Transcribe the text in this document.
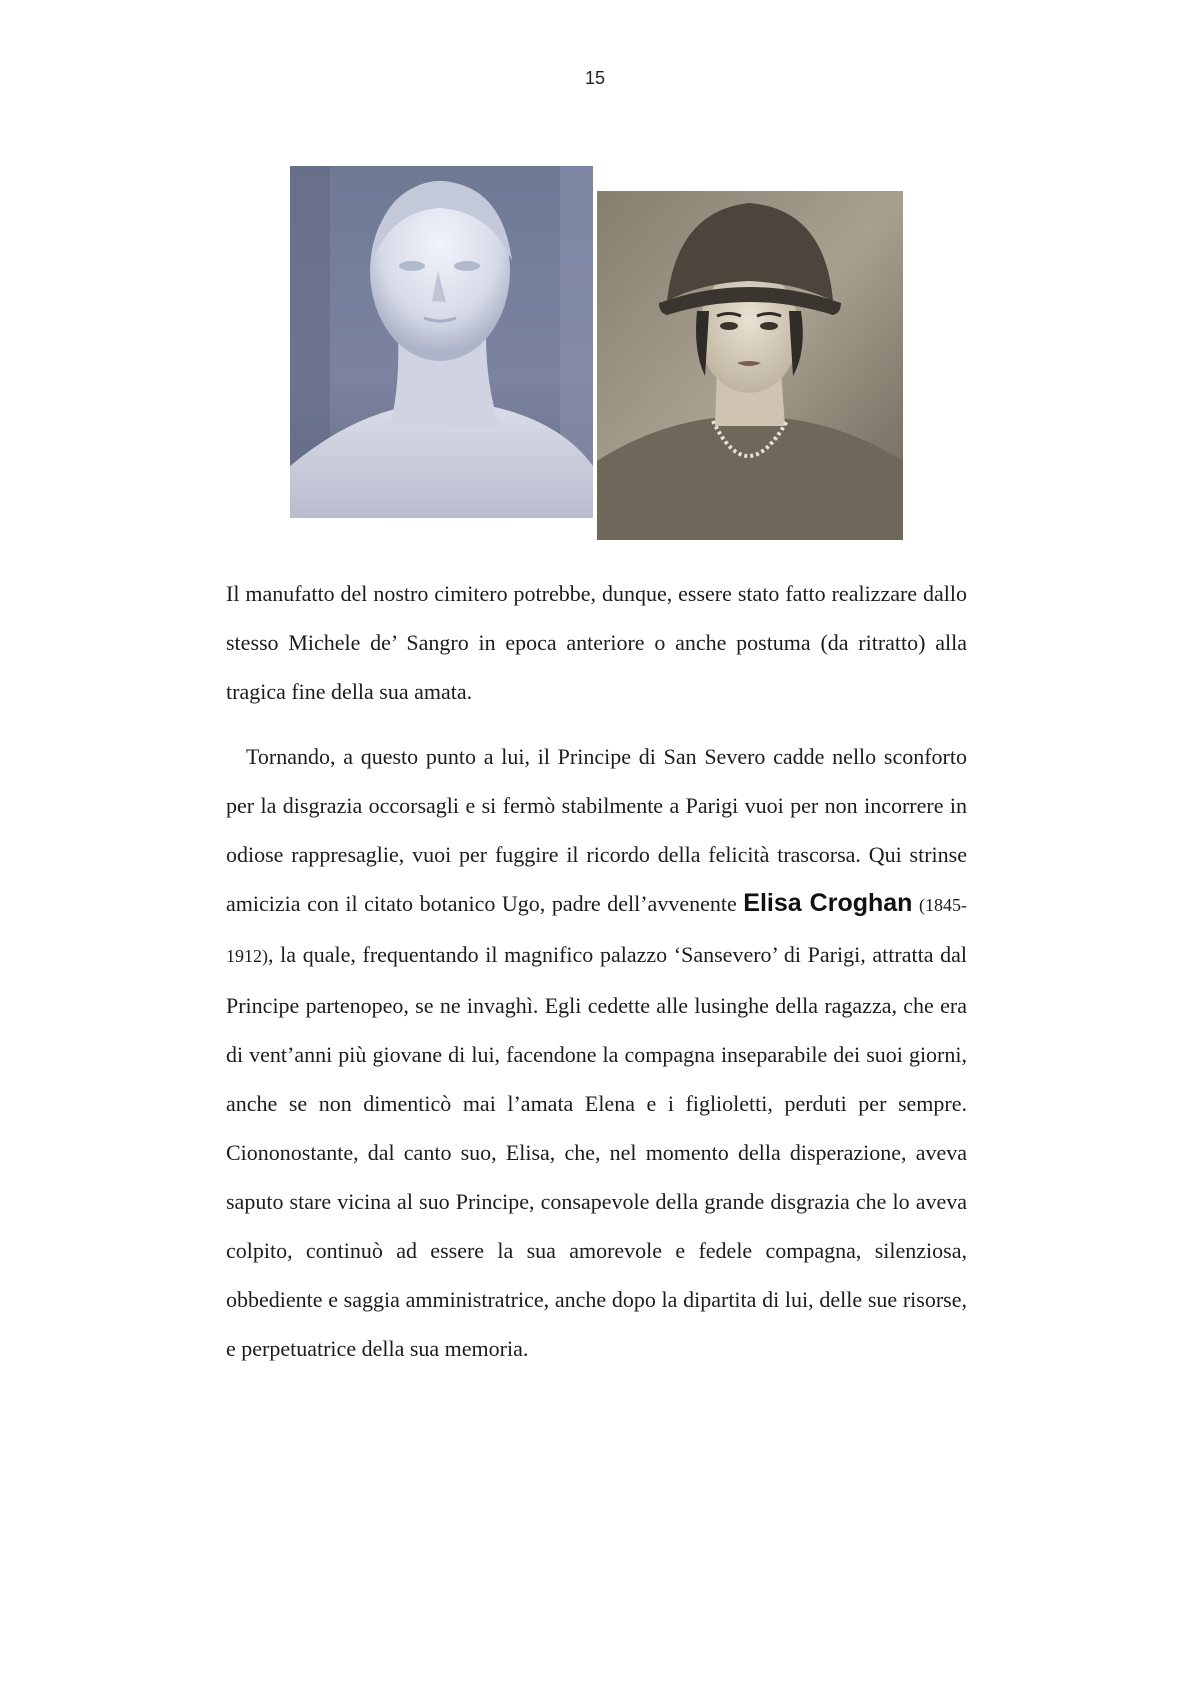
15
Il manufatto del nostro cimitero potrebbe, dunque, essere stato fatto realizzare dallo stesso Michele de’ Sangro in epoca anteriore o anche postuma (da ritratto) alla tragica fine della sua amata.
Tornando, a questo punto a lui, il Principe di San Severo cadde nello sconforto per la disgrazia occorsagli e si fermò stabilmente a Parigi vuoi per non incorrere in odiose rappresaglie, vuoi per fuggire il ricordo della felicità trascorsa. Qui strinse amicizia con il citato botanico Ugo, padre dell’avvenente Elisa Croghan (1845-1912), la quale, frequentando il magnifico palazzo ‘Sansevero’ di Parigi, attratta dal Principe partenopeo, se ne invaghì. Egli cedette alle lusinghe della ragazza, che era di vent’anni più giovane di lui, facendone la compagna inseparabile dei suoi giorni, anche se non dimenticò mai l’amata Elena e i figlioletti, perduti per sempre. Ciononostante, dal canto suo, Elisa, che, nel momento della disperazione, aveva saputo stare vicina al suo Principe, consapevole della grande disgrazia che lo aveva colpito, continuò ad essere la sua amorevole e fedele compagna, silenziosa, obbediente e saggia amministratrice, anche dopo la dipartita di lui, delle sue risorse, e perpetuatrice della sua memoria.
